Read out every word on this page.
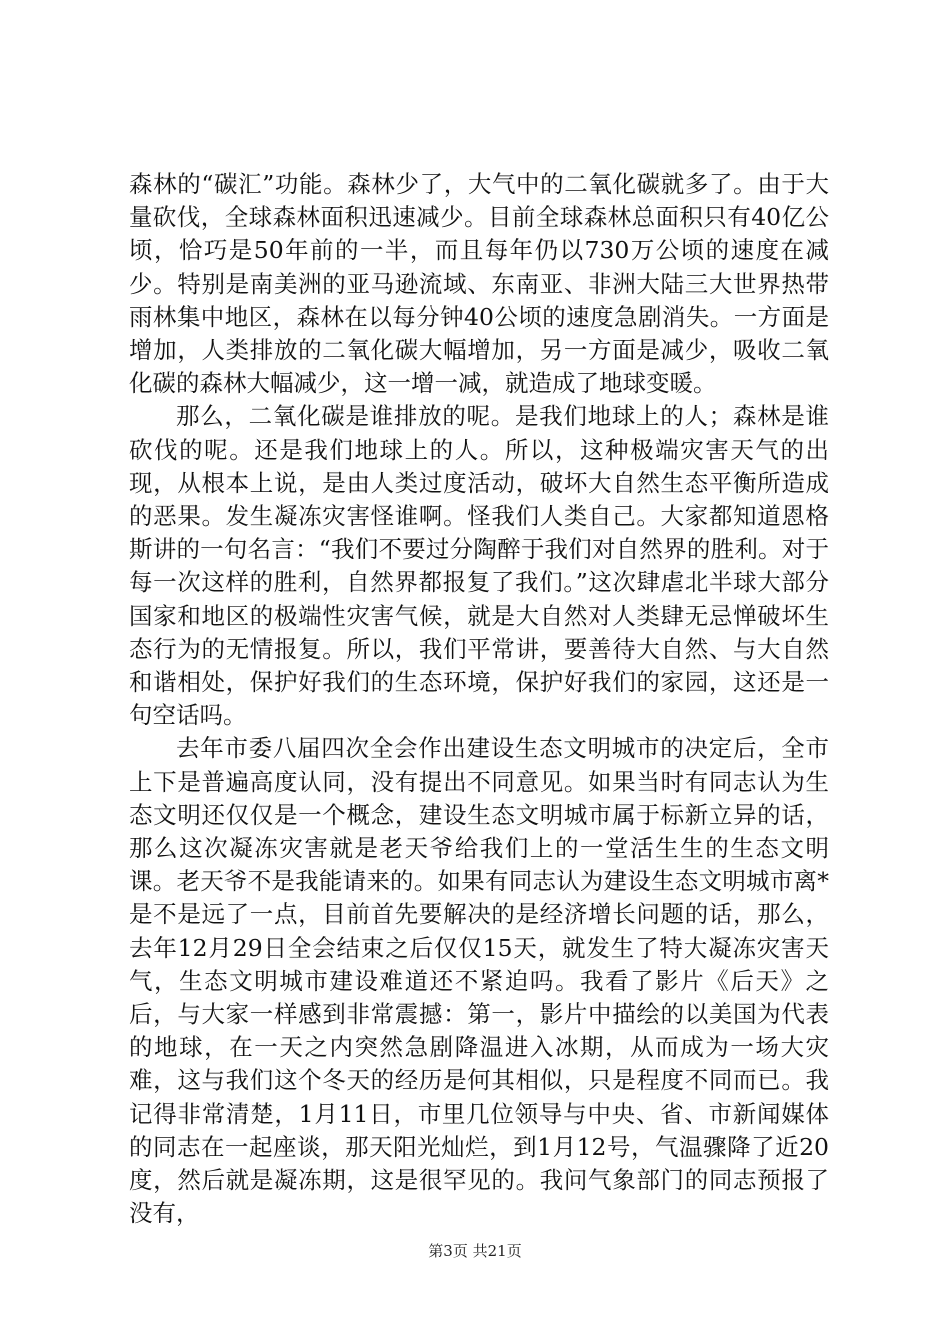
森林的“碳汇”功能。森林少了，大气中的二氧化碳就多了。由于大量砍伐，全球森林面积迅速减少。目前全球森林总面积只有40亿公顷，恰巧是50年前的一半，而且每年仍以730万公顷的速度在减少。特别是南美洲的亚马逊流域、东南亚、非洲大陆三大世界热带雨林集中地区，森林在以每分钟40公顷的速度急剧消失。一方面是增加，人类排放的二氧化碳大幅增加，另一方面是减少，吸收二氧化碳的森林大幅减少，这一增一减，就造成了地球变暖。

那么，二氧化碳是谁排放的呢。是我们地球上的人；森林是谁砍伐的呢。还是我们地球上的人。所以，这种极端灾害天气的出现，从根本上说，是由人类过度活动，破坏大自然生态平衡所造成的恶果。发生凝冻灾害怪谁啊。怪我们人类自己。大家都知道恩格斯讲的一句名言：“我们不要过分陶醉于我们对自然界的胜利。对于每一次这样的胜利，自然界都报复了我们。”这次肆虐北半球大部分国家和地区的极端性灾害气候，就是大自然对人类肆无忌惮破坏生态行为的无情报复。所以，我们平常讲，要善待大自然、与大自然和谐相处，保护好我们的生态环境，保护好我们的家园，这还是一句空话吗。

去年市委八届四次全会作出建设生态文明城市的决定后，全市上下是普遍高度认同，没有提出不同意见。如果当时有同志认为生态文明还仅仅是一个概念，建设生态文明城市属于标新立异的话，那么这次凝冻灾害就是老天爷给我们上的一堂活生生的生态文明课。老天爷不是我能请来的。如果有同志认为建设生态文明城市离*是不是远了一点，目前首先要解决的是经济增长问题的话，那么，去年12月29日全会结束之后仅仅15天，就发生了特大凝冻灾害天气，生态文明城市建设难道还不紧迫吗。我看了影片《后天》之后，与大家一样感到非常震撼：第一，影片中描绘的以美国为代表的地球，在一天之内突然急剧降温进入冰期，从而成为一场大灾难，这与我们这个冬天的经历是何其相似，只是程度不同而已。我记得非常清楚，1月11日，市里几位领导与中央、省、市新闻媒体的同志在一起座谈，那天阳光灿烂，到1月12号，气温骤降了近20度，然后就是凝冻期，这是很罕见的。我问气象部门的同志预报了没有，

第3页 共21页
